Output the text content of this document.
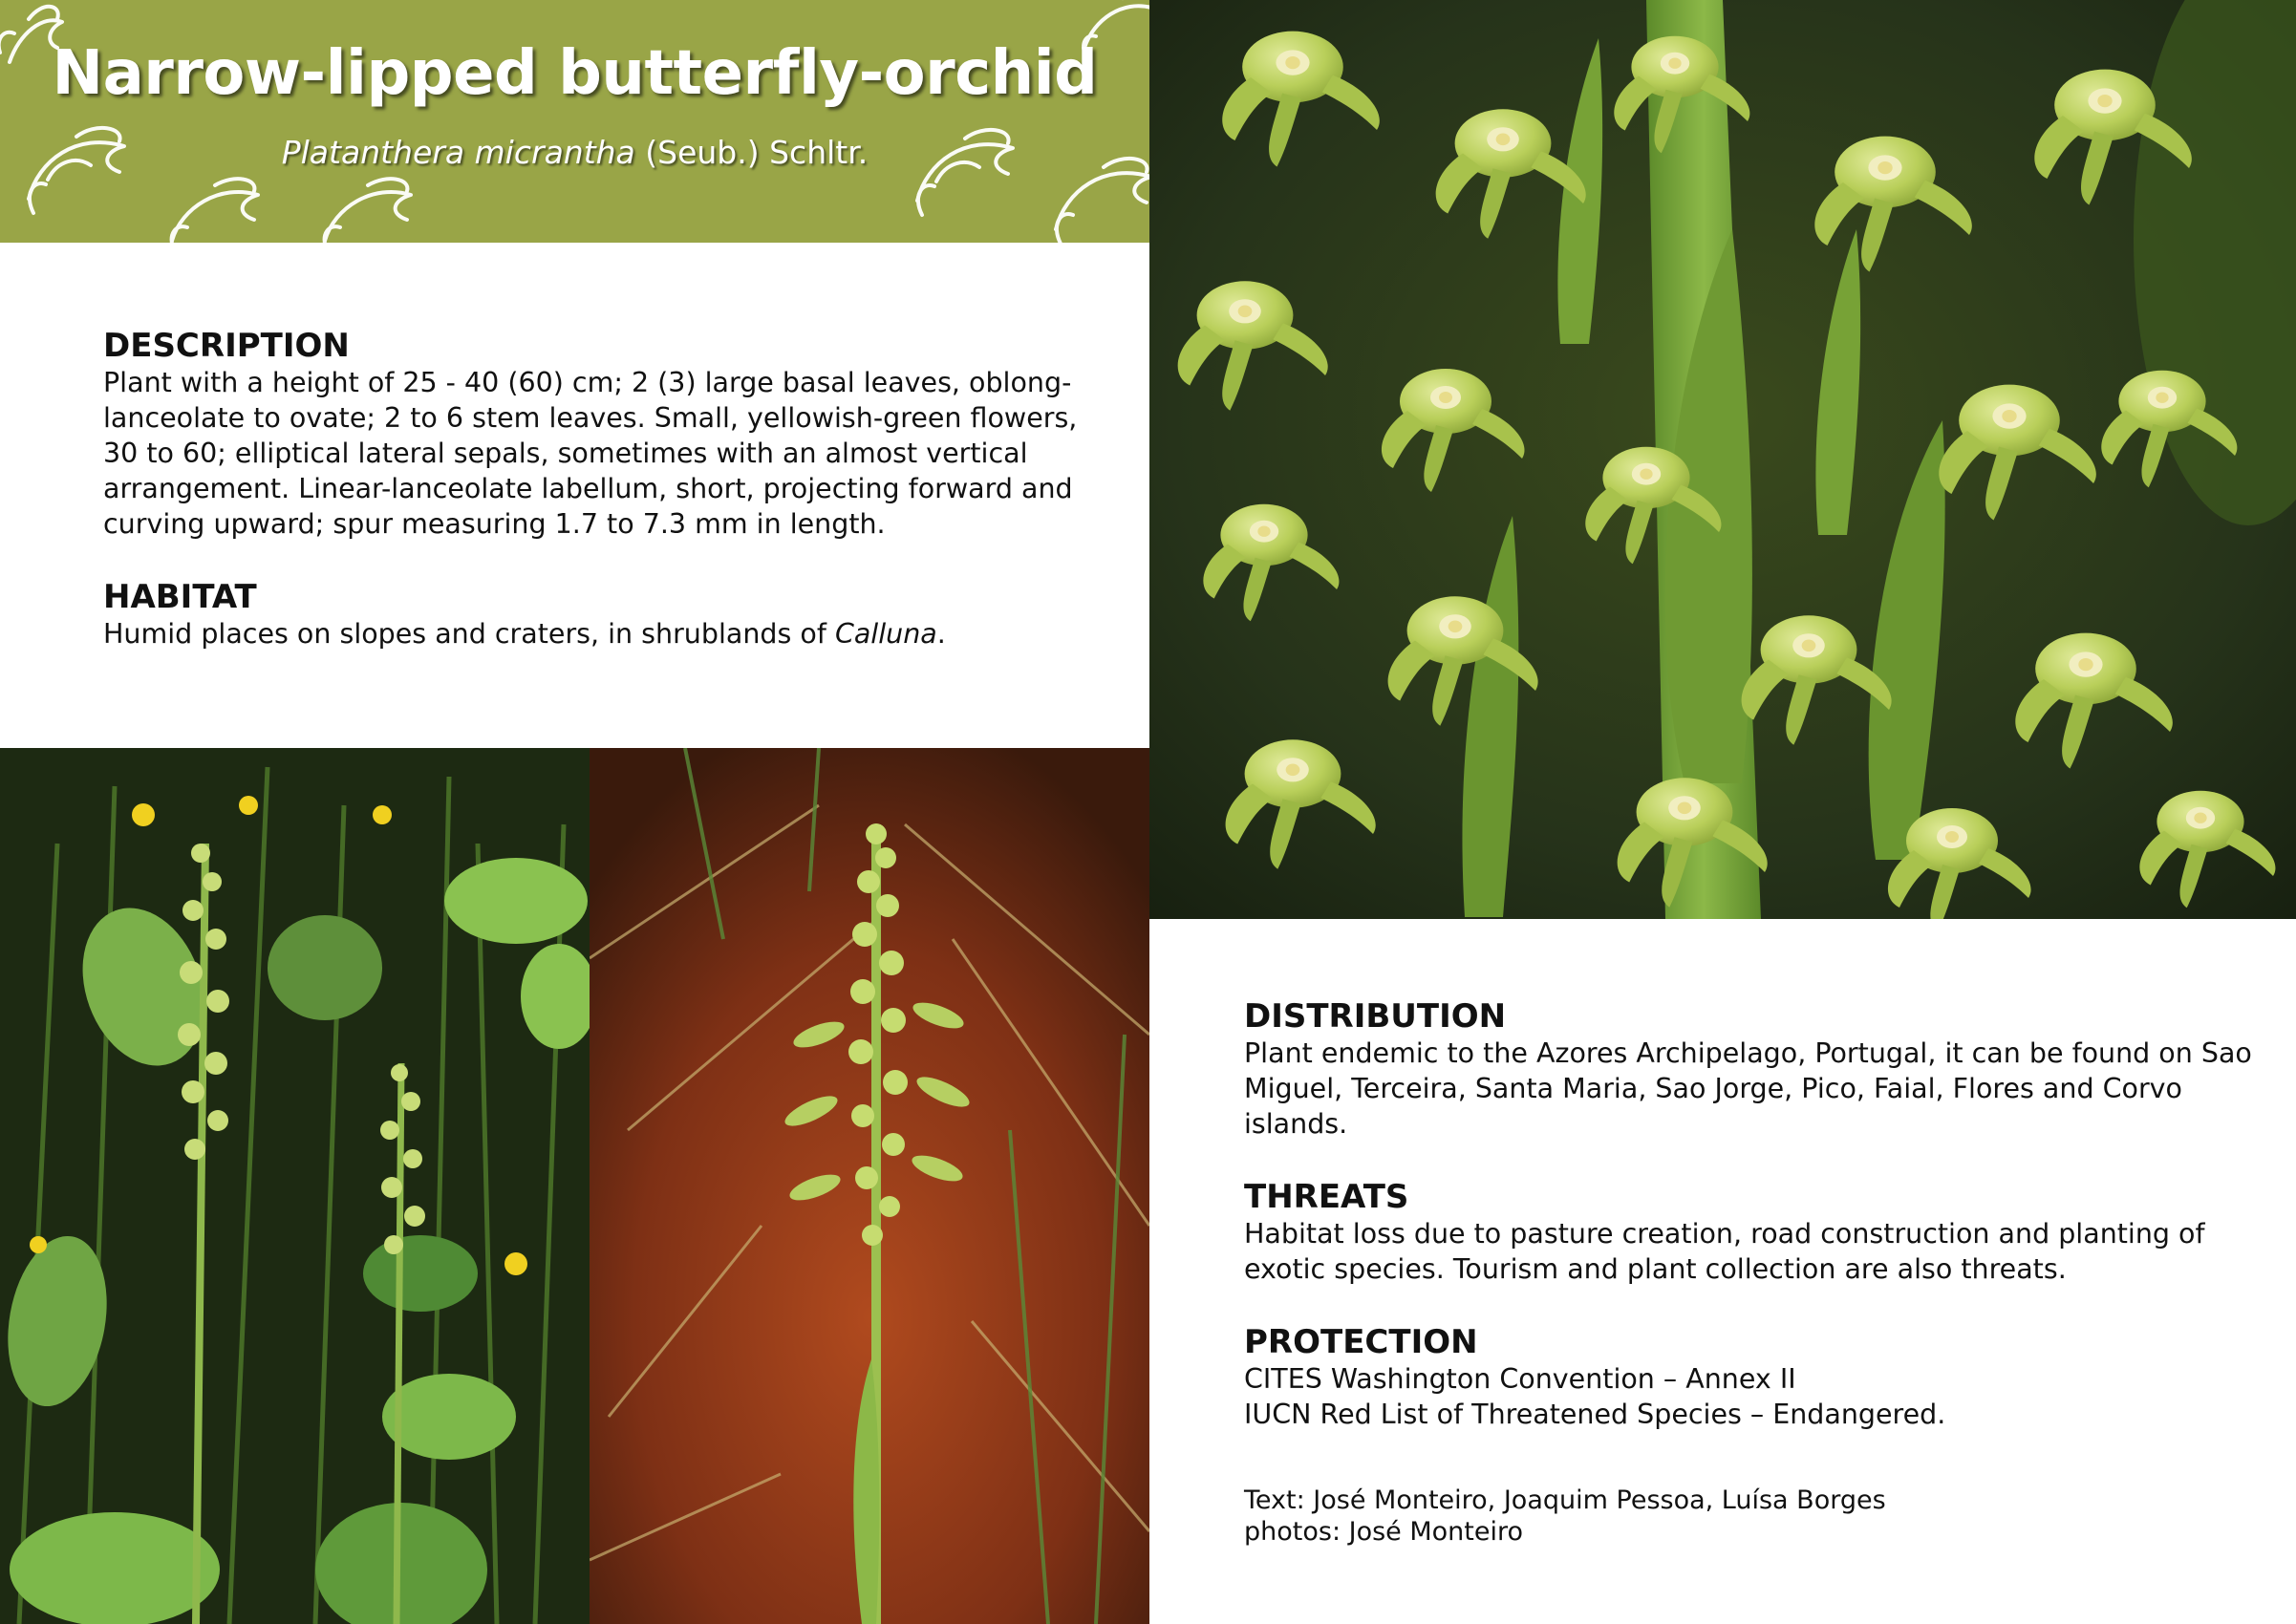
Narrow-lipped butterfly-orchid
Platanthera micrantha (Seub.) Schltr.

DESCRIPTION

Plant with a height of 25 - 40 (60) cm; 2 (3) large basal leaves, oblong-lanceolate to ovate; 2 to 6 stem leaves. Small, yellowish-green flowers, 30 to 60; elliptical lateral sepals, sometimes with an almost vertical arrangement. Linear-lanceolate labellum, short, projecting forward and curving upward; spur measuring 1.7 to 7.3 mm in length.

HABITAT

Humid places on slopes and craters, in shrublands of Calluna.

DISTRIBUTION

Plant endemic to the Azores Archipelago, Portugal, it can be found on Sao Miguel, Terceira, Santa Maria, Sao Jorge, Pico, Faial, Flores and Corvo islands.

THREATS

Habitat loss due to pasture creation, road construction and planting of exotic species. Tourism and plant collection are also threats.

PROTECTION

CITES Washington Convention – Annex II

IUCN Red List of Threatened Species – Endangered.

Text: José Monteiro, Joaquim Pessoa, Luísa Borges
photos: José Monteiro
